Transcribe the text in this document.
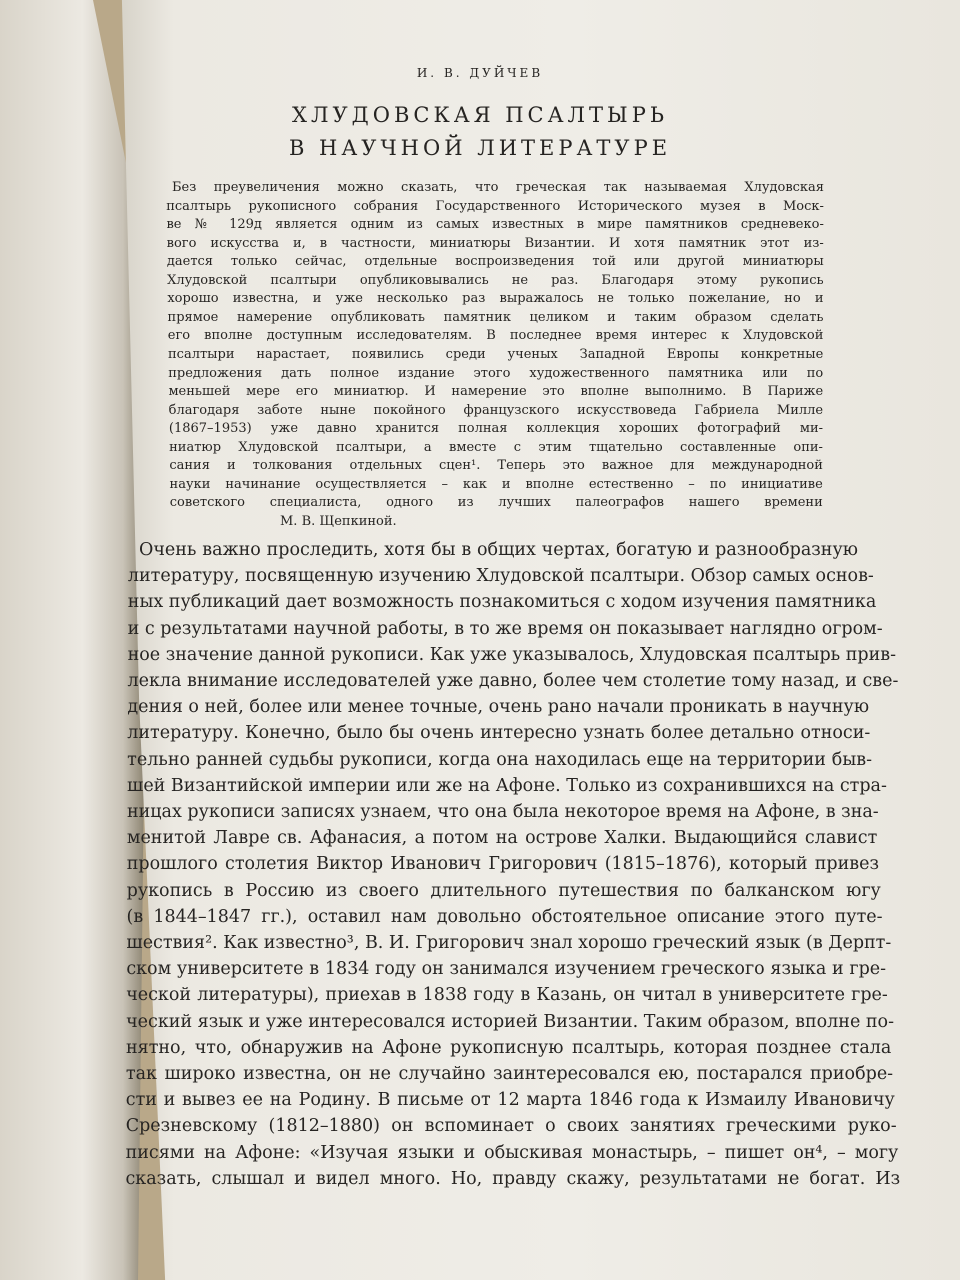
И. В. ДУЙЧЕВ
ХЛУДОВСКАЯ ПСАЛТЫРЬ
В НАУЧНОЙ ЛИТЕРАТУРЕ
Без преувеличения можно сказать, что греческая так называемая Хлудовская
псалтырь рукописного собрания Государственного Исторического музея в Моск-
ве № 129д является одним из самых известных в мире памятников средневеко-
вого искусства и, в частности, миниатюры Византии. И хотя памятник этот из-
дается только сейчас, отдельные воспроизведения той или другой миниатюры
Хлудовской псалтыри опубликовывались не раз. Благодаря этому рукопись
хорошо известна, и уже несколько раз выражалось не только пожелание, но и
прямое намерение опубликовать памятник целиком и таким образом сделать
его вполне доступным исследователям. В последнее время интерес к Хлудовской
псалтыри нарастает, появились среди ученых Западной Европы конкретные
предложения дать полное издание этого художественного памятника или по
меньшей мере его миниатюр. И намерение это вполне выполнимо. В Париже
благодаря заботе ныне покойного французского искусствоведа Габриела Милле
(1867–1953) уже давно хранится полная коллекция хороших фотографий ми-
ниатюр Хлудовской псалтыри, а вместе с этим тщательно составленные опи-
сания и толкования отдельных сцен¹. Теперь это важное для международной
науки начинание осуществляется – как и вполне естественно – по инициативе
советского специалиста, одного из лучших палеографов нашего времени
М. В. Щепкиной.
Очень важно проследить, хотя бы в общих чертах, богатую и разнообразную
литературу, посвященную изучению Хлудовской псалтыри. Обзор самых основ-
ных публикаций дает возможность познакомиться с ходом изучения памятника
и с результатами научной работы, в то же время он показывает наглядно огром-
ное значение данной рукописи. Как уже указывалось, Хлудовская псалтырь прив-
лекла внимание исследователей уже давно, более чем столетие тому назад, и све-
дения о ней, более или менее точные, очень рано начали проникать в научную
литературу. Конечно, было бы очень интересно узнать более детально относи-
тельно ранней судьбы рукописи, когда она находилась еще на территории быв-
шей Византийской империи или же на Афоне. Только из сохранившихся на стра-
ницах рукописи записях узнаем, что она была некоторое время на Афоне, в зна-
менитой Лавре св. Афанасия, а потом на острове Халки. Выдающийся славист
прошлого столетия Виктор Иванович Григорович (1815–1876), который привез
рукопись в Россию из своего длительного путешествия по балканском югу
(в 1844–1847 гг.), оставил нам довольно обстоятельное описание этого путе-
шествия². Как известно³, В. И. Григорович знал хорошо греческий язык (в Дерпт-
ском университете в 1834 году он занимался изучением греческого языка и гре-
ческой литературы), приехав в 1838 году в Казань, он читал в университете гре-
ческий язык и уже интересовался историей Византии. Таким образом, вполне по-
нятно, что, обнаружив на Афоне рукописную псалтырь, которая позднее стала
так широко известна, он не случайно заинтересовался ею, постарался приобре-
сти и вывез ее на Родину. В письме от 12 марта 1846 года к Измаилу Ивановичу
Срезневскому (1812–1880) он вспоминает о своих занятиях греческими руко-
писями на Афоне: «Изучая языки и обыскивая монастырь, – пишет он⁴, – могу
сказать, слышал и видел много. Но, правду скажу, результатами не богат. Из
